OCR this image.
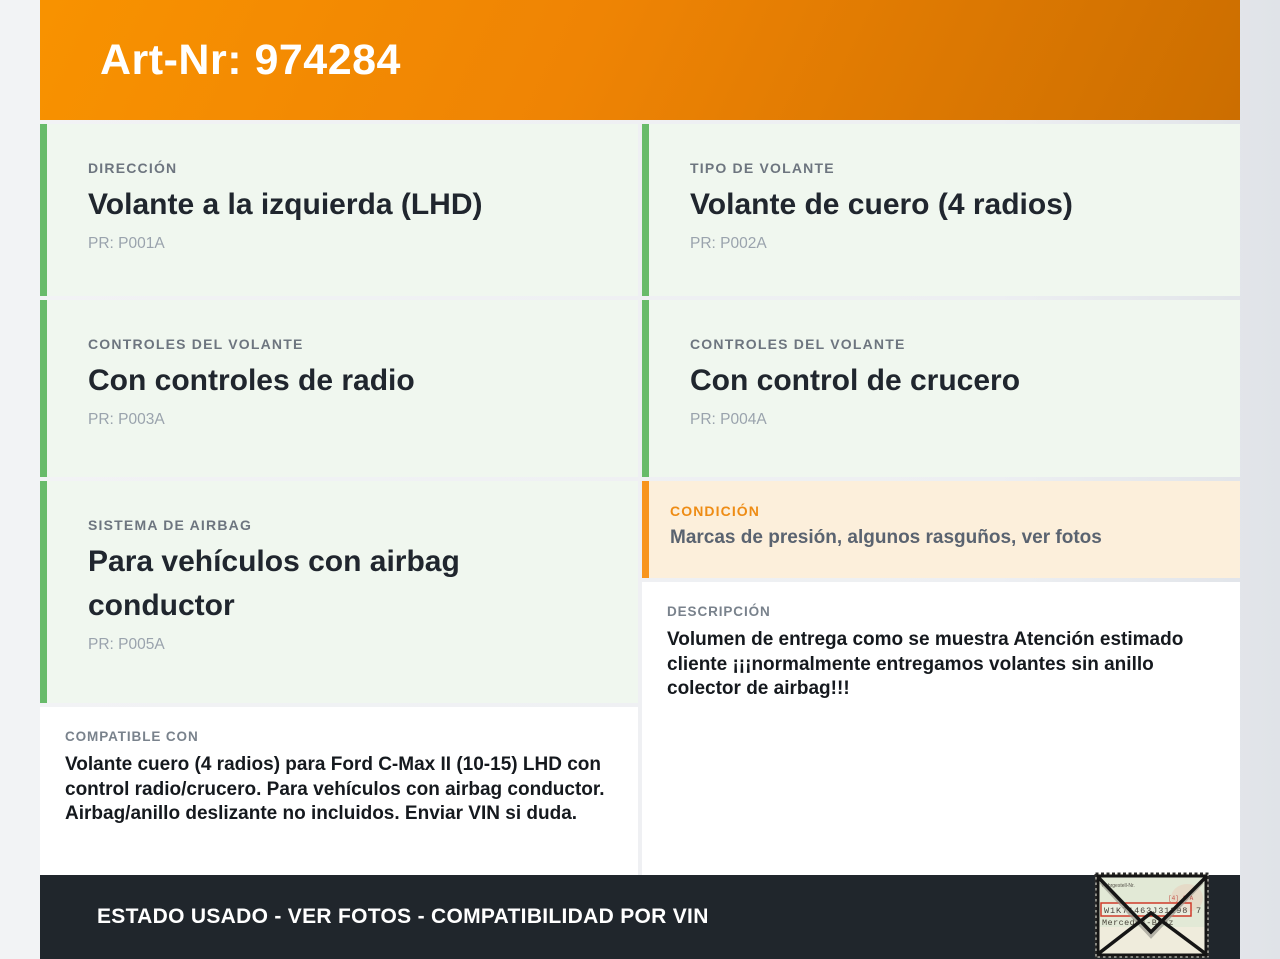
Art-Nr: 974284
DIRECCIÓN
Volante a la izquierda (LHD)
PR: P001A
CONTROLES DEL VOLANTE
Con controles de radio
PR: P003A
SISTEMA DE AIRBAG
Para vehículos con airbag conductor
PR: P005A
COMPATIBLE CON
Volante cuero (4 radios) para Ford C-Max II (10-15) LHD con control radio/crucero. Para vehículos con airbag conductor. Airbag/anillo deslizante no incluidos. Enviar VIN si duda.
TIPO DE VOLANTE
Volante de cuero (4 radios)
PR: P002A
CONTROLES DEL VOLANTE
Con control de crucero
PR: P004A
CONDICIÓN
Marcas de presión, algunos rasguños, ver fotos
DESCRIPCIÓN
Volumen de entrega como se muestra Atención estimado cliente ¡¡¡normalmente entregamos volantes sin anillo colector de airbag!!!
ESTADO USADO - VER FOTOS - COMPATIBILIDAD POR VIN
Fahrgestell-Nr.
[4] A/A
W1K71463J31298 7
Mercedes-Benz
